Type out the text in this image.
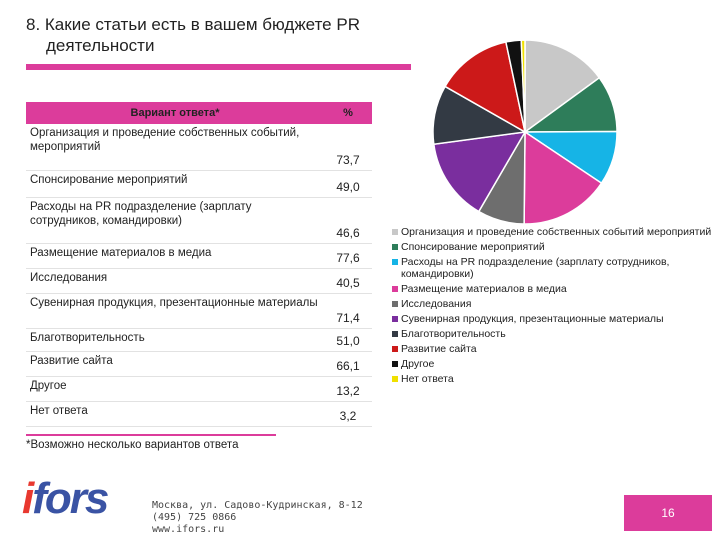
8. Какие статьи есть в вашем бюджете PR
деятельности
Вариант ответа*	%
Организация и проведение собственных событий, мероприятий	73,7
Спонсирование мероприятий	49,0
Расходы на PR подразделение (зарплату сотрудников, командировки)	46,6
Размещение материалов в медиа	77,6
Исследования	40,5
Сувенирная продукция, презентационные материалы	71,4
Благотворительность	51,0
Развитие сайта	66,1
Другое	13,2
Нет ответа	3,2
*Возможно несколько вариантов ответа
Организация и проведение собственных событий мероприятий
Спонсирование мероприятий
Расходы на PR подразделение (зарплату сотрудников, командировки)
Размещение материалов в медиа
Исследования
Сувенирная продукция, презентационные материалы
Благотворительность
Развитие сайта
Другое
Нет ответа
ifors	Москва, ул. Садово-Кудринская, 8-12
(495) 725 0866
www.ifors.ru
16
